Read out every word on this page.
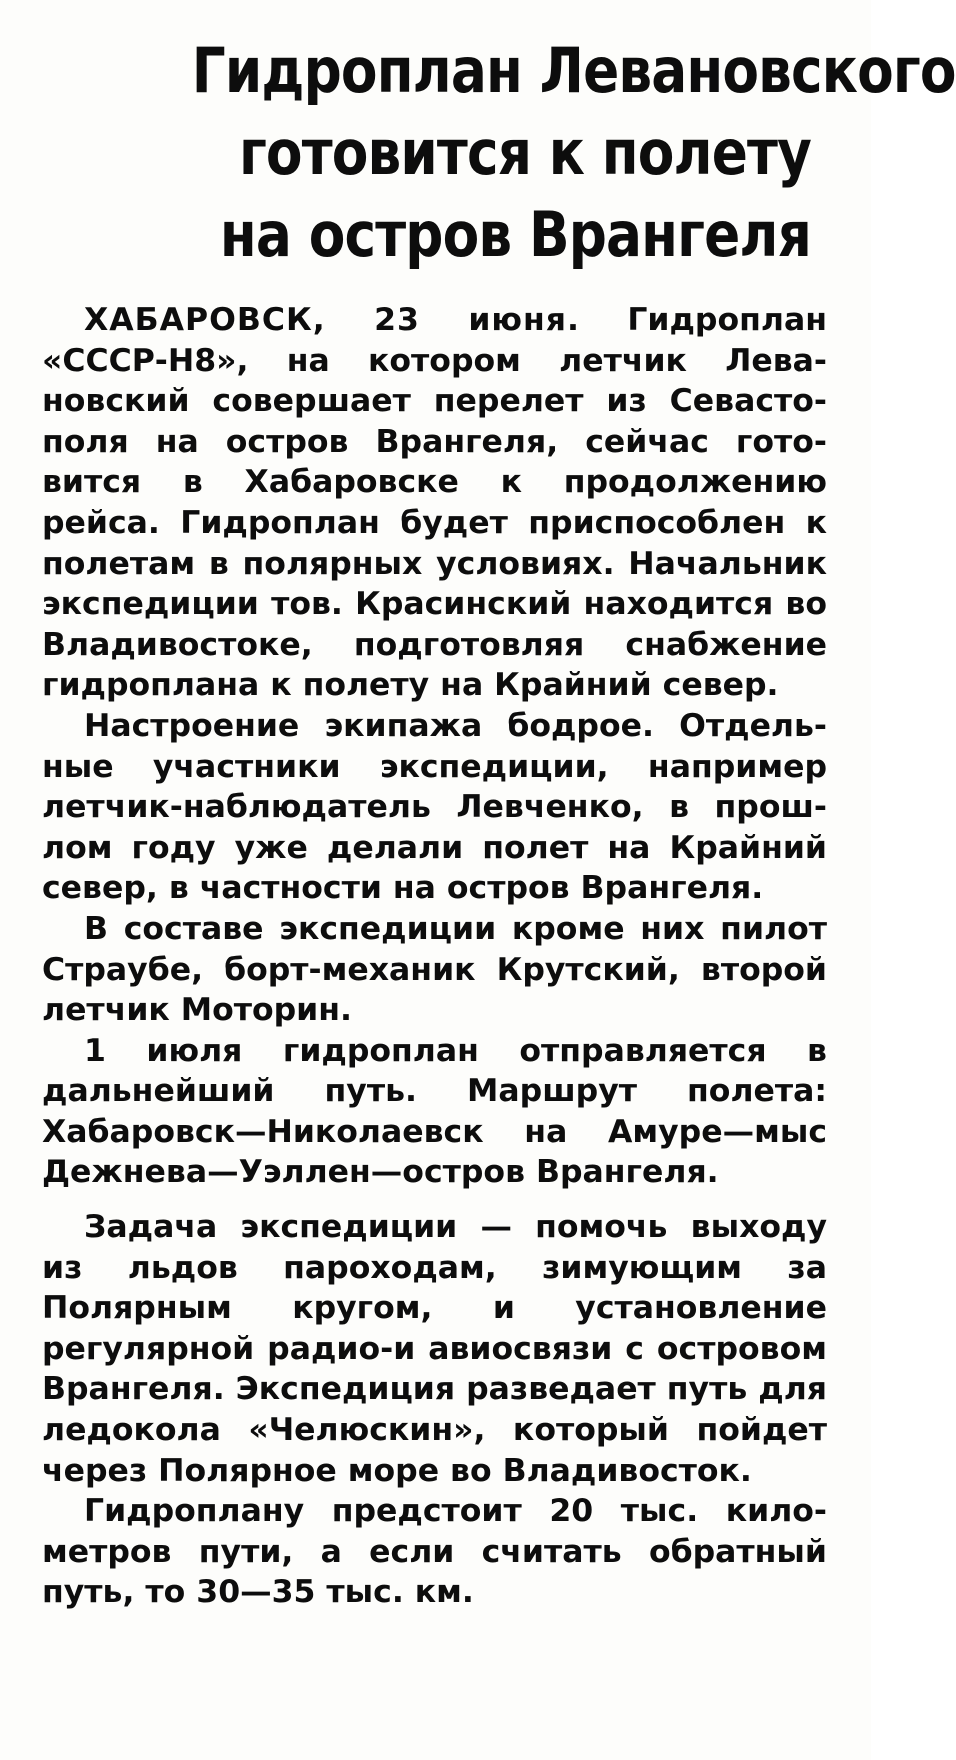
Гидроплан Левановского
готовится к полету
на остров Врангеля

ХАБАРОВСК, 23 июня. Гидроплан «СССР-Н8», на котором летчик Левановский совершает перелет из Севастополя на остров Врангеля, сейчас готовится в Хабаровске к продолжению рейса. Гидроплан будет приспособлен к полетам в полярных условиях. Начальник экспедиции тов. Красинский находится во Владивостоке, подготовляя снабжение гидроплана к полету на Крайний север.

Настроение экипажа бодрое. Отдельные участники экспедиции, например летчик-наблюдатель Левченко, в прошлом году уже делали полет на Крайний север, в частности на остров Врангеля.

В составе экспедиции кроме них пилот Страубе, борт-механик Крутский, второй летчик Моторин.

1 июля гидроплан отправляется в дальнейший путь. Маршрут полета: Хабаровск—Николаевск на Амуре—мыс Дежнева—Уэллен—остров Врангеля.

Задача экспедиции — помочь выходу из льдов пароходам, зимующим за Полярным кругом, и установление регулярной радио-и авиосвязи с островом Врангеля. Экспедиция разведает путь для ледокола «Челюскин», который пойдет через Полярное море во Владивосток.

Гидроплану предстоит 20 тыс. километров пути, а если считать обратный путь, то 30—35 тыс. км.
